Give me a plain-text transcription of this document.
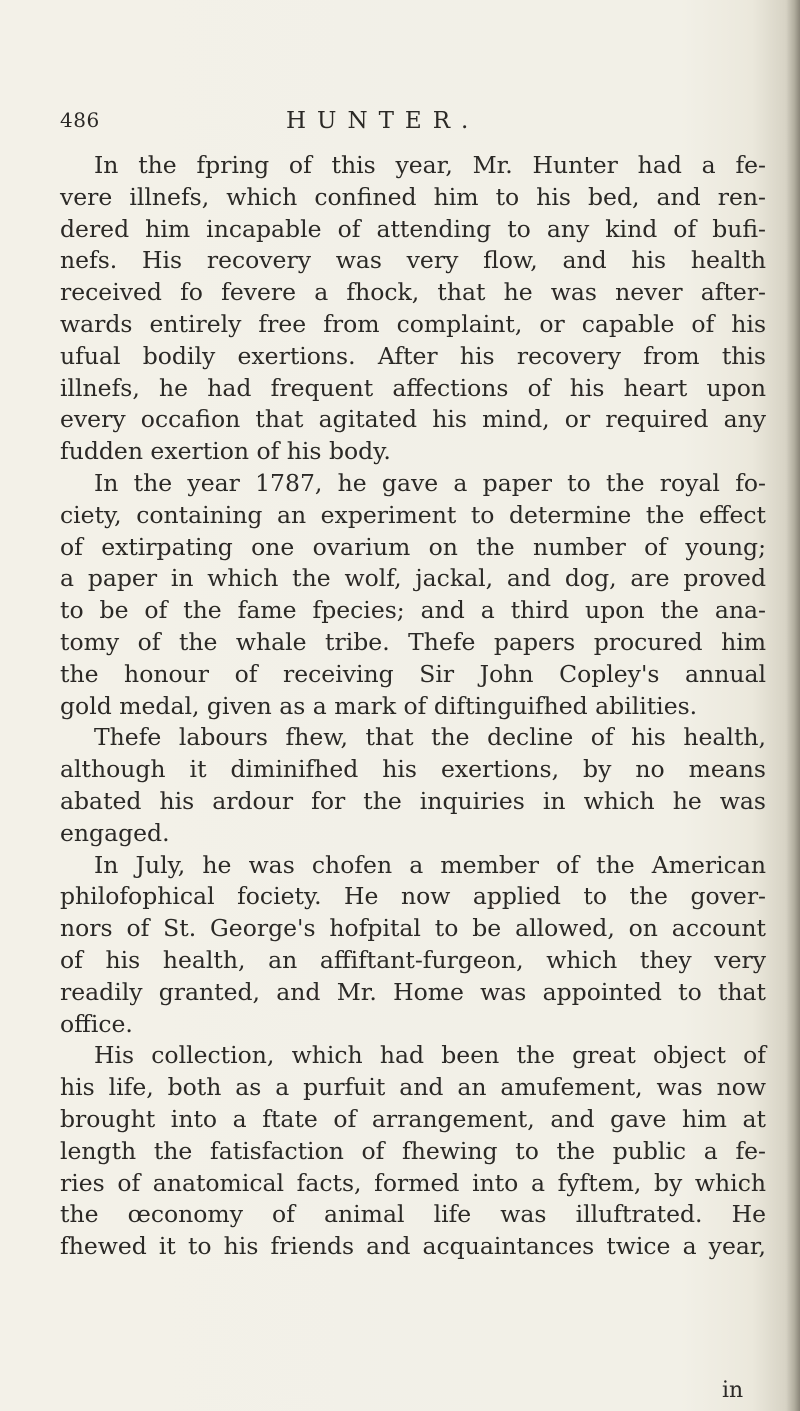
486	HUNTER.
In the fpring of this year, Mr. Hunter had a fe-
vere illnefs, which confined him to his bed, and ren-
dered him incapable of attending to any kind of bufi-
nefs. His recovery was very flow, and his health
received fo fevere a fhock, that he was never after-
wards entirely free from complaint, or capable of his
ufual bodily exertions. After his recovery from this
illnefs, he had frequent affections of his heart upon
every occafion that agitated his mind, or required any
fudden exertion of his body.
In the year 1787, he gave a paper to the royal fo-
ciety, containing an experiment to determine the effect
of extirpating one ovarium on the number of young;
a paper in which the wolf, jackal, and dog, are proved
to be of the fame fpecies; and a third upon the ana-
tomy of the whale tribe. Thefe papers procured him
the honour of receiving Sir John Copley's annual
gold medal, given as a mark of diftinguifhed abilities.
Thefe labours fhew, that the decline of his health,
although it diminifhed his exertions, by no means
abated his ardour for the inquiries in which he was
engaged.
In July, he was chofen a member of the American
philofophical fociety. He now applied to the gover-
nors of St. George's hofpital to be allowed, on account
of his health, an affiftant-furgeon, which they very
readily granted, and Mr. Home was appointed to that
office.
His collection, which had been the great object of
his life, both as a purfuit and an amufement, was now
brought into a ftate of arrangement, and gave him at
length the fatisfaction of fhewing to the public a fe-
ries of anatomical facts, formed into a fyftem, by which
the œconomy of animal life was illuftrated. He
fhewed it to his friends and acquaintances twice a year,
in
